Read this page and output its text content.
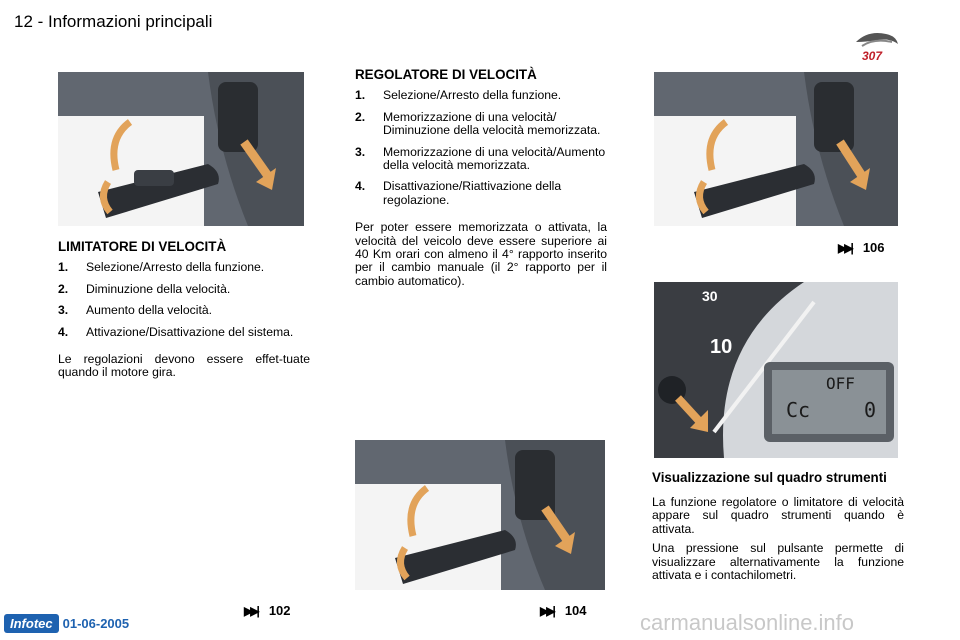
12 - Informazioni principali
307
30
10
OFF
Cc	0
LIMITATORE DI VELOCITÀ
1.	Selezione/Arresto della funzione.
2.	Diminuzione della velocità.
3.	Aumento della velocità.
4.	Attivazione/Disattivazione del sistema.
Le regolazioni devono essere effet-tuate quando il motore gira.
REGOLATORE DI VELOCITÀ
1.	Selezione/Arresto della funzione.
2.	Memorizzazione di una velocità/ Diminuzione della velocità memorizzata.
3.	Memorizzazione di una velocità/Aumento della velocità memorizzata.
4.	Disattivazione/Riattivazione della regolazione.
Per poter essere memorizzata o attivata, la velocità del veicolo deve essere superiore ai 40 Km orari con almeno il 4° rapporto inserito per il cambio manuale (il 2° rapporto per il cambio automatico).
Visualizzazione sul quadro strumenti
La funzione regolatore o limitatore di velocità appare sul quadro strumenti quando è attivata.
Una pressione sul pulsante permette di visualizzare alternativamente la funzione attivata e i contachilometri.
▶▶| 102	▶▶| 104
▶▶| 106
Infotec 01-06-2005	carmanualsonline.info
